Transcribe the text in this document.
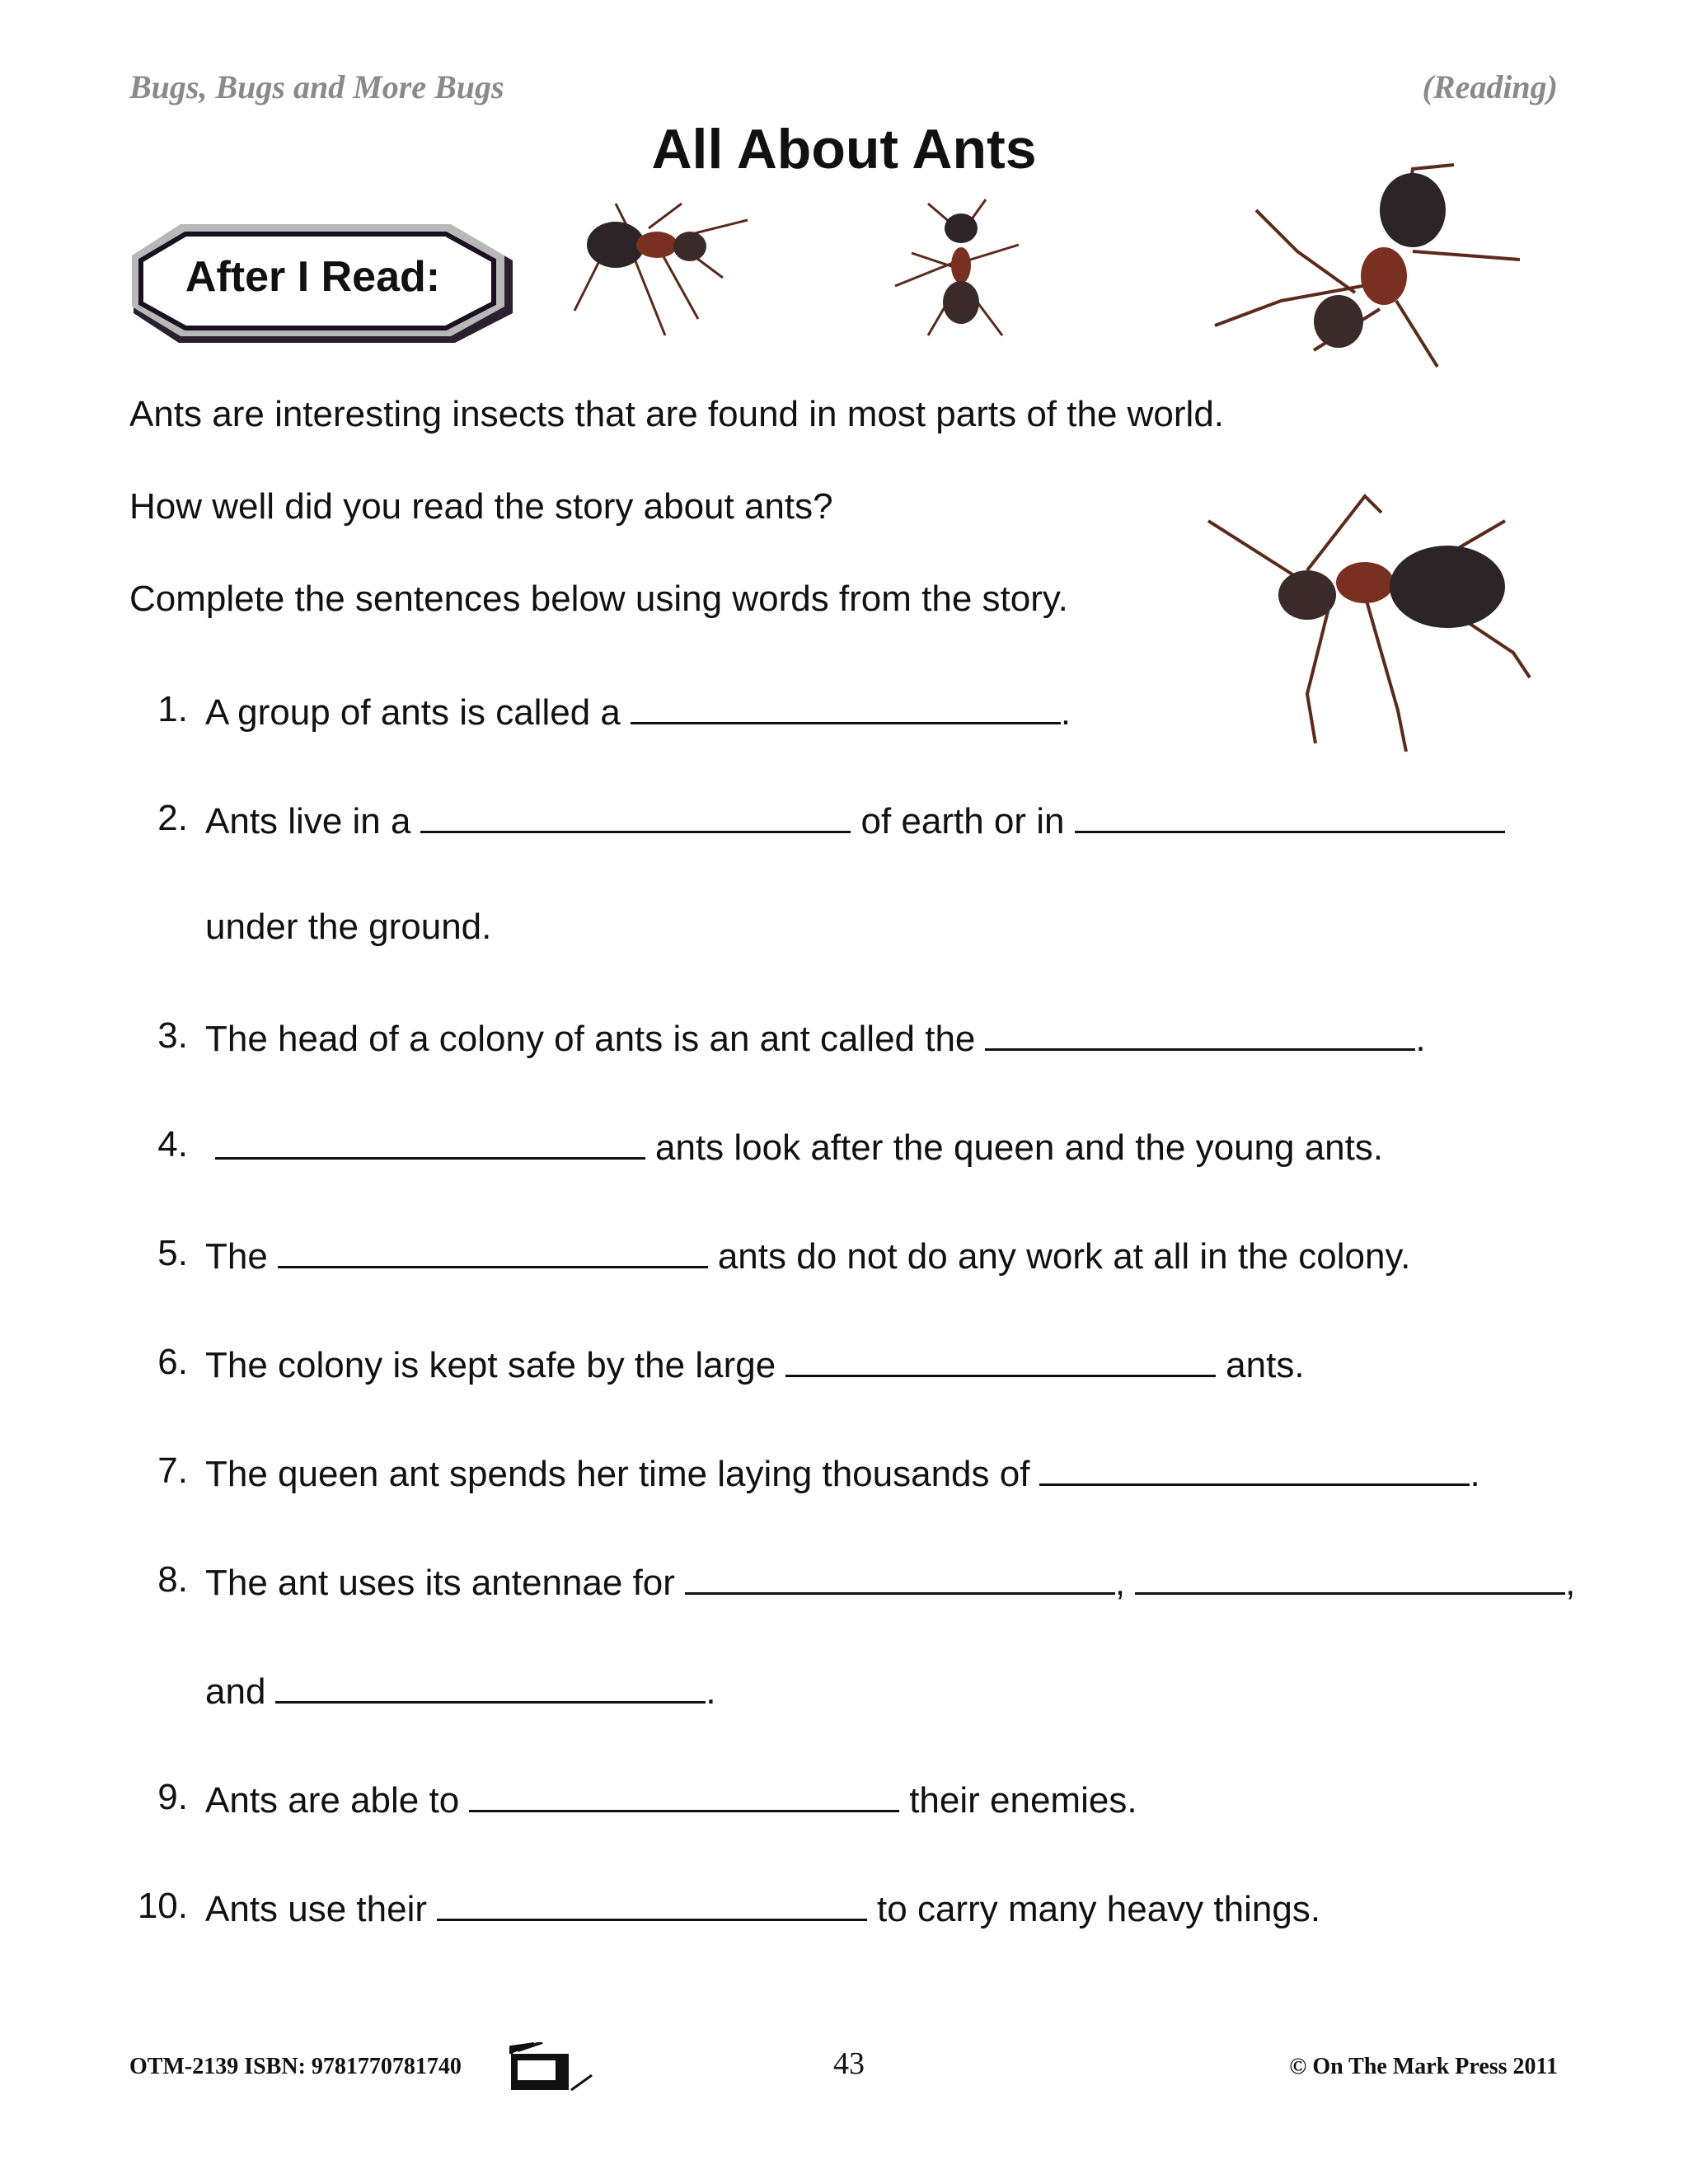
Bugs, Bugs and More Bugs	(Reading)
All About Ants
After I Read:
Ants are interesting insects that are found in most parts of the world.
How well did you read the story about ants?
Complete the sentences below using words from the story.
1. A group of ants is called a	.
2. Ants live in a	of earth or in
under the ground.
3. The head of a colony of ants is an ant called the	.
4.	ants look after the queen and the young ants.
5. The	ants do not do any work at all in the colony.
6. The colony is kept safe by the large	ants.
7. The queen ant spends her time laying thousands of	.
8. The ant uses its antennae for	,	,
and	.
9. Ants are able to	their enemies.
10. Ants use their	to carry many heavy things.
OTM-2139 ISBN: 9781770781740	43	© On The Mark Press 2011
